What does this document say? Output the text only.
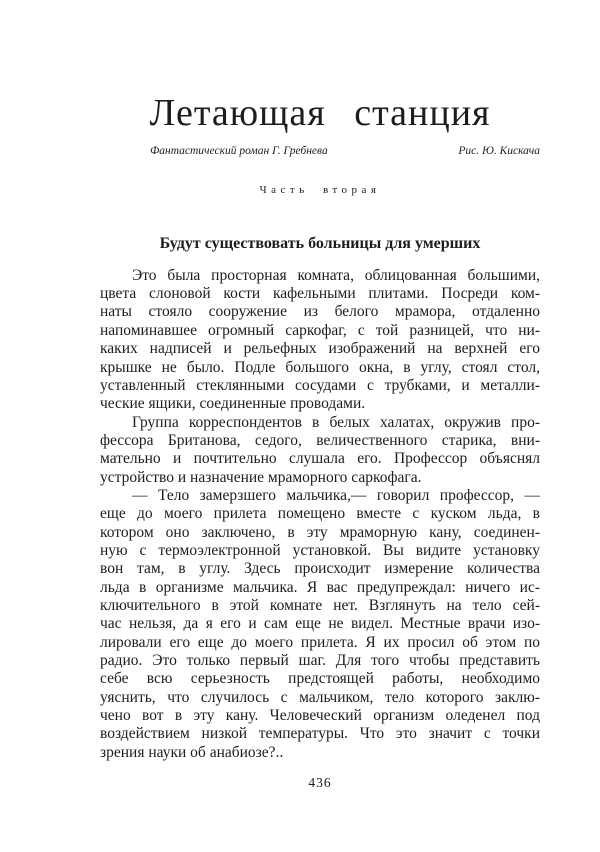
Летающая станция
Фантастический роман Г. Гребнева	Рис. Ю. Кискача
Часть вторая
Будут существовать больницы для умерших
Это была просторная комната, облицованная большими,
цвета слоновой кости кафельными плитами. Посреди ком-
наты стояло сооружение из белого мрамора, отдаленно
напоминавшее огромный саркофаг, с той разницей, что ни-
каких надписей и рельефных изображений на верхней его
крышке не было. Подле большого окна, в углу, стоял стол,
уставленный стеклянными сосудами с трубками, и металли-
ческие ящики, соединенные проводами.
Группа корреспондентов в белых халатах, окружив про-
фессора Британова, седого, величественного старика, вни-
мательно и почтительно слушала его. Профессор объяснял
устройство и назначение мраморного саркофага.
— Тело замерзшего мальчика,— говорил профессор, —
еще до моего прилета помещено вместе с куском льда, в
котором оно заключено, в эту мраморную кану, соединен-
ную с термоэлектронной установкой. Вы видите установку
вон там, в углу. Здесь происходит измерение количества
льда в организме мальчика. Я вас предупреждал: ничего ис-
ключительного в этой комнате нет. Взглянуть на тело сей-
час нельзя, да я его и сам еще не видел. Местные врачи изо-
лировали его еще до моего прилета. Я их просил об этом по
радио. Это только первый шаг. Для того чтобы представить
себе всю серьезность предстоящей работы, необходимо
уяснить, что случилось с мальчиком, тело которого заклю-
чено вот в эту кану. Человеческий организм оледенел под
воздействием низкой температуры. Что это значит с точки
зрения науки об анабиозе?..
436
